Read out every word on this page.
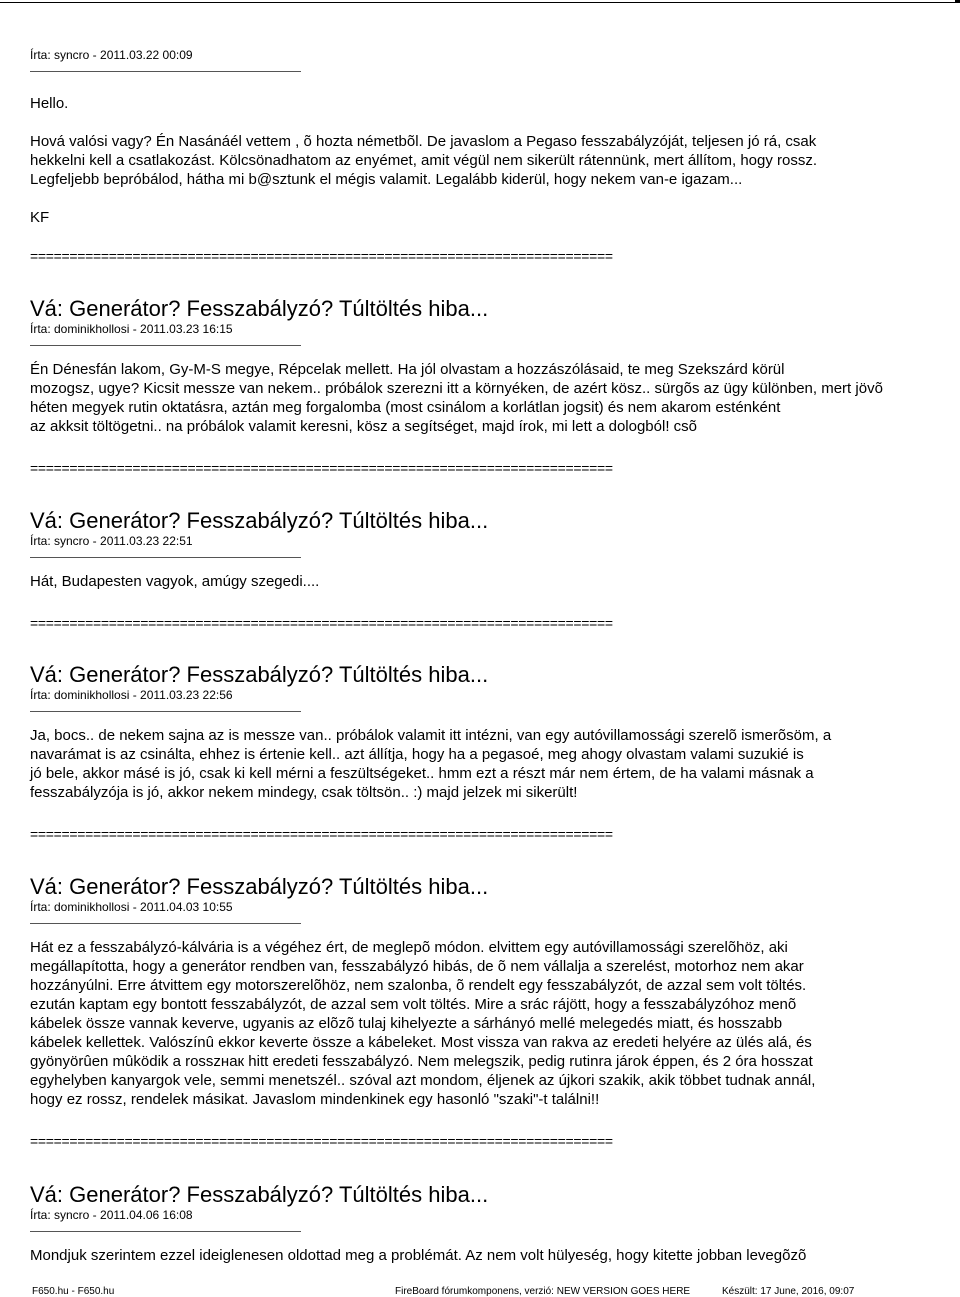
Írta: syncro - 2011.03.22 00:09

Hello.

Hová valósi vagy? Én Nasánáél vettem , õ hozta németbõl. De javaslom a Pegaso fesszabályzóját, teljesen jó rá, csak
hekkelni kell a csatlakozást. Kölcsönadhatom az enyémet, amit végül nem sikerült rátennünk, mert állítom, hogy rossz.
Legfeljebb bepróbálod, hátha mi b@sztunk el mégis valamit. Legalább kiderül, hogy nekem van-e igazam...

KF

==========================================================================
Vá: Generátor? Fesszabályzó? Túltöltés hiba...
Írta: dominikhollosi - 2011.03.23 16:15

Én Dénesfán lakom, Gy-M-S megye, Répcelak mellett. Ha jól olvastam a hozzászólásaid, te meg Szekszárd körül
mozogsz, ugye? Kicsit messze van nekem.. próbálok szerezni itt a környéken, de azért kösz.. sürgõs az ügy különben, mert jövõ
héten megyek rutin oktatásra, aztán meg forgalomba (most csinálom a korlátlan jogsit) és nem akarom esténként
az akksit töltögetni.. na próbálok valamit keresni, kösz a segítséget, majd írok, mi lett a dologból! csõ

==========================================================================
Vá: Generátor? Fesszabályzó? Túltöltés hiba...
Írta: syncro - 2011.03.23 22:51

Hát, Budapesten vagyok, amúgy szegedi....

==========================================================================
Vá: Generátor? Fesszabályzó? Túltöltés hiba...
Írta: dominikhollosi - 2011.03.23 22:56

Ja, bocs.. de nekem sajna az is messze van.. próbálok valamit itt intézni, van egy autóvillamossági szerelõ ismerõsöm, a
navarámat is az csinálta, ehhez is értenie kell.. azt állítja, hogy ha a pegasoé, meg ahogy olvastam valami suzukié is
jó bele, akkor másé is jó, csak ki kell mérni a feszültségeket.. hmm ezt a részt már nem értem, de ha valami másnak a
fesszabályzója is jó, akkor nekem mindegy, csak töltsön.. :) majd jelzek mi sikerült!

==========================================================================
Vá: Generátor? Fesszabályzó? Túltöltés hiba...
Írta: dominikhollosi - 2011.04.03 10:55

Hát ez a fesszabályzó-kálvária is a végéhez ért, de meglepõ módon. elvittem egy autóvillamossági szerelõhöz, aki
megállapította, hogy a generátor rendben van, fesszabályzó hibás, de õ nem vállalja a szerelést, motorhoz nem akar
hozzányúlni. Erre átvittem egy motorszerelõhöz, nem szalonba, õ rendelt egy fesszabályzót, de azzal sem volt töltés.
ezután kaptam egy bontott fesszabályzót, de azzal sem volt töltés. Mire a srác rájött, hogy a fesszabályzóhoz menõ
kábelek össze vannak keverve, ugyanis az elõzõ tulaj kihelyezte a sárhányó mellé melegedés miatt, és hosszabb
kábelek kellettek. Valószínû ekkor keverte össze a kábeleket. Most vissza van rakva az eredeti helyére az ülés alá, és
gyönyörûen mûködik a rosszнак hitt eredeti fesszabályzó. Nem melegszik, pedig rutinra járok éppen, és 2 óra hosszat
egyhelyben kanyargok vele, semmi menetszél.. szóval azt mondom, éljenek az újkori szakik, akik többet tudnak annál,
hogy ez rossz, rendelek másikat. Javaslom mindenkinek egy hasonló "szaki"-t találni!!

==========================================================================
Vá: Generátor? Fesszabályzó? Túltöltés hiba...
Írta: syncro - 2011.04.06 16:08

Mondjuk szerintem ezzel ideiglenesen oldottad meg a problémát. Az nem volt hülyeség, hogy kitette jobban levegõzõ

F650.hu - F650.hu	FireBoard fórumkomponens, verzió: NEW VERSION GOES HERE	Készült: 17 June, 2016, 09:07
